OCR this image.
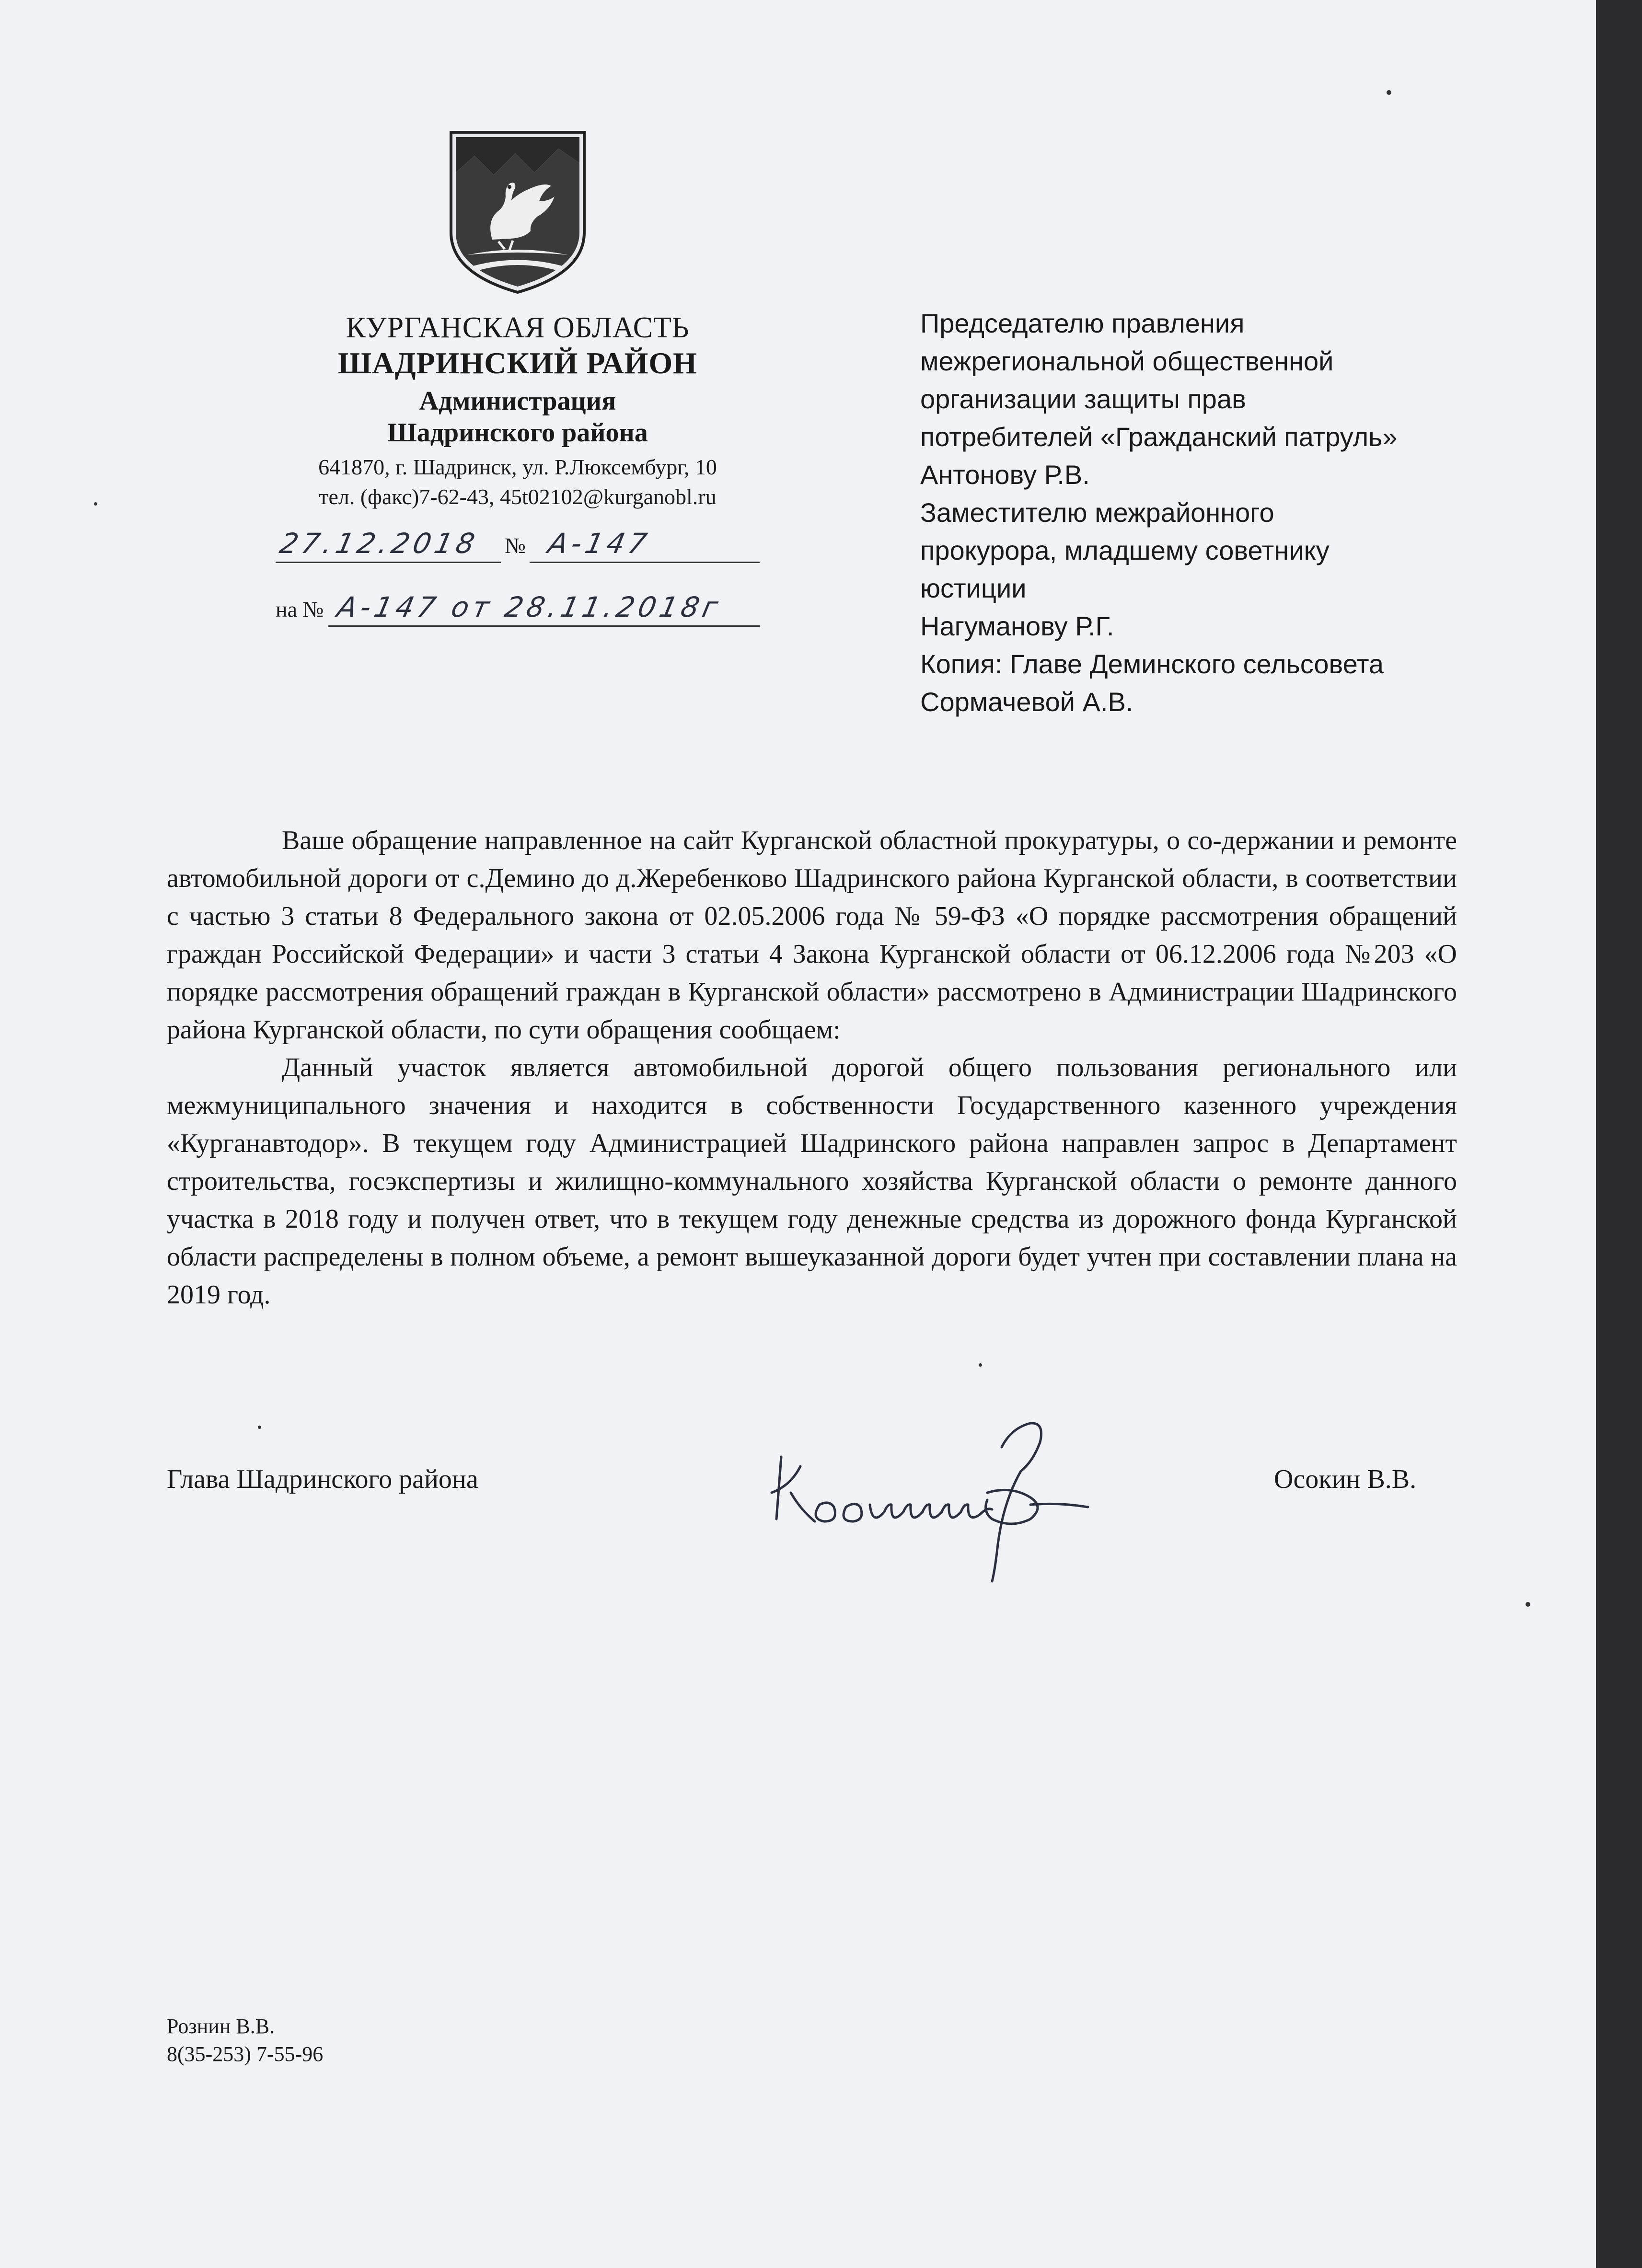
КУРГАНСКАЯ ОБЛАСТЬ
ШАДРИНСКИЙ РАЙОН
Администрация
Шадринского района
641870, г. Шадринск, ул. Р.Люксембург, 10
тел. (факс)7-62-43, 45t02102@kurganobl.ru
27.12.2018 № А-147
на № А-147 от 28.11.2018г
Председателю правления
межрегиональной общественной
организации защиты прав
потребителей «Гражданский патруль»
Антонову Р.В.
Заместителю межрайонного
прокурора, младшему советнику
юстиции
Нагуманову Р.Г.
Копия: Главе Деминского сельсовета
Сормачевой А.В.

Ваше обращение направленное на сайт Курганской областной прокуратуры, о со-держании и ремонте автомобильной дороги от с.Демино до д.Жеребенково Шадринского района Курганской области, в соответствии с частью 3 статьи 8 Федерального закона от 02.05.2006 года № 59-ФЗ «О порядке рассмотрения обращений граждан Российской Федерации» и части 3 статьи 4 Закона Курганской области от 06.12.2006 года №203 «О порядке рассмотрения обращений граждан в Курганской области» рассмотрено в Администрации Шадринского района Курганской области, по сути обращения сообщаем:

Данный участок является автомобильной дорогой общего пользования регионального или межмуниципального значения и находится в собственности Государственного казенного учреждения «Курганавтодор». В текущем году Администрацией Шадринского района направлен запрос в Департамент строительства, госэкспертизы и жилищно-коммунального хозяйства Курганской области о ремонте данного участка в 2018 году и получен ответ, что в текущем году денежные средства из дорожного фонда Курганской области распределены в полном объеме, а ремонт вышеуказанной дороги будет учтен при составлении плана на 2019 год.

Глава Шадринского района	Осокин В.В.
Рознин В.В.
8(35-253) 7-55-96
